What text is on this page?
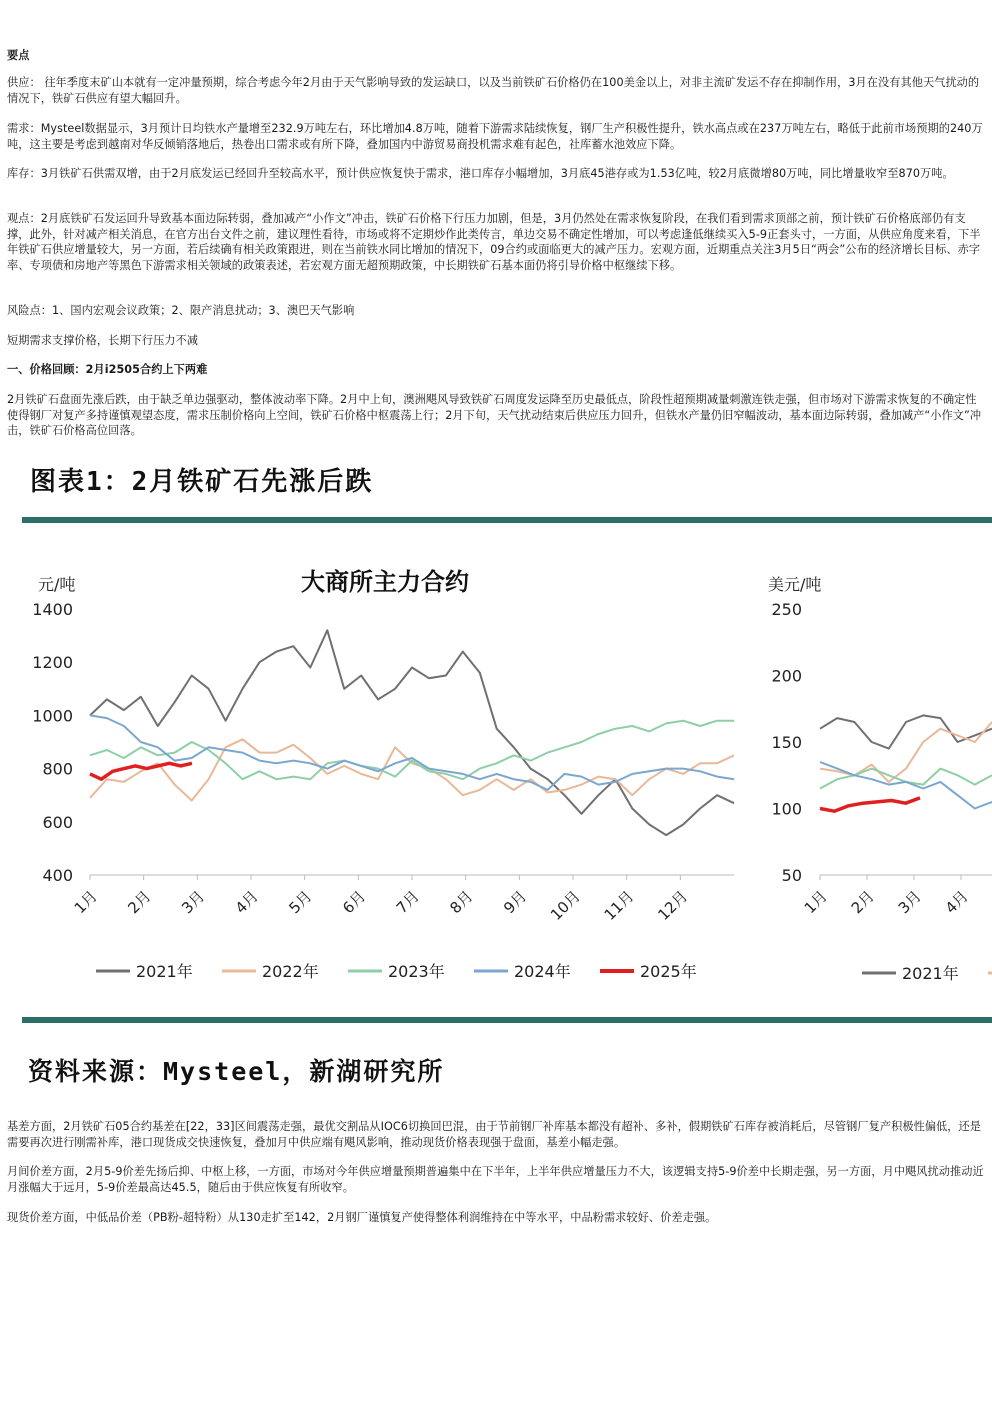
要点

供应： 往年季度末矿山本就有一定冲量预期，综合考虑今年2月由于天气影响导致的发运缺口，以及当前铁矿石价格仍在100美金以上，对非主流矿发运不存在抑制作用，3月在没有其他天气扰动的情况下，铁矿石供应有望大幅回升。

需求：Mysteel数据显示，3月预计日均铁水产量增至232.9万吨左右，环比增加4.8万吨，随着下游需求陆续恢复，钢厂生产积极性提升，铁水高点或在237万吨左右，略低于此前市场预期的240万吨，这主要是考虑到越南对华反倾销落地后，热卷出口需求或有所下降，叠加国内中游贸易商投机需求难有起色，社库蓄水池效应下降。

库存：3月铁矿石供需双增，由于2月底发运已经回升至较高水平，预计供应恢复快于需求，港口库存小幅增加，3月底45港存或为1.53亿吨，较2月底微增80万吨，同比增量收窄至870万吨。

观点：2月底铁矿石发运回升导致基本面边际转弱，叠加减产“小作文”冲击，铁矿石价格下行压力加剧，但是，3月仍然处在需求恢复阶段，在我们看到需求顶部之前，预计铁矿石价格底部仍有支撑，此外，针对减产相关消息，在官方出台文件之前，建议理性看待，市场或将不定期炒作此类传言，单边交易不确定性增加，可以考虑逢低继续买入5-9正套头寸，一方面，从供应角度来看，下半年铁矿石供应增量较大，另一方面，若后续确有相关政策跟进，则在当前铁水同比增加的情况下，09合约或面临更大的减产压力。宏观方面，近期重点关注3月5日“两会”公布的经济增长目标、赤字率、专项债和房地产等黑色下游需求相关领域的政策表述，若宏观方面无超预期政策，中长期铁矿石基本面仍将引导价格中枢继续下移。

风险点：1、国内宏观会议政策；2、限产消息扰动；3、澳巴天气影响

短期需求支撑价格，长期下行压力不减

一、价格回顾：2月i2505合约上下两难

2月铁矿石盘面先涨后跌，由于缺乏单边强驱动，整体波动率下降。2月中上旬，澳洲飓风导致铁矿石周度发运降至历史最低点，阶段性超预期减量刺激连铁走强，但市场对下游需求恢复的不确定性使得钢厂对复产多持谨慎观望态度，需求压制价格向上空间，铁矿石价格中枢震荡上行；2月下旬，天气扰动结束后供应压力回升，但铁水产量仍旧窄幅波动，基本面边际转弱，叠加减产“小作文”冲击，铁矿石价格高位回落。

图表1：2月铁矿石先涨后跌
1400
1200
1000
800
600
400
元/吨	大商所主力合约
1月 2月 3月 4月 5月 6月 7月 8月 9月 10月 11月 12月
2021年	2022年	2023年	2024年	2025年
250
200
150
100
50
美元/吨
1月 2月 3月 4月
2021年
资料来源：Mysteel，新湖研究所

基差方面，2月铁矿石05合约基差在[22，33]区间震荡走强，最优交割品从IOC6切换回巴混，由于节前钢厂补库基本都没有超补、多补，假期铁矿石库存被消耗后，尽管钢厂复产积极性偏低，还是需要再次进行刚需补库，港口现货成交快速恢复，叠加月中供应端有飓风影响，推动现货价格表现强于盘面，基差小幅走强。

月间价差方面，2月5-9价差先扬后抑、中枢上移，一方面，市场对今年供应增量预期普遍集中在下半年，上半年供应增量压力不大，该逻辑支持5-9价差中长期走强，另一方面，月中飓风扰动推动近月涨幅大于远月，5-9价差最高达45.5，随后由于供应恢复有所收窄。

现货价差方面，中低品价差（PB粉-超特粉）从130走扩至142，2月钢厂谨慎复产使得整体利润维持在中等水平，中品粉需求较好、价差走强。
